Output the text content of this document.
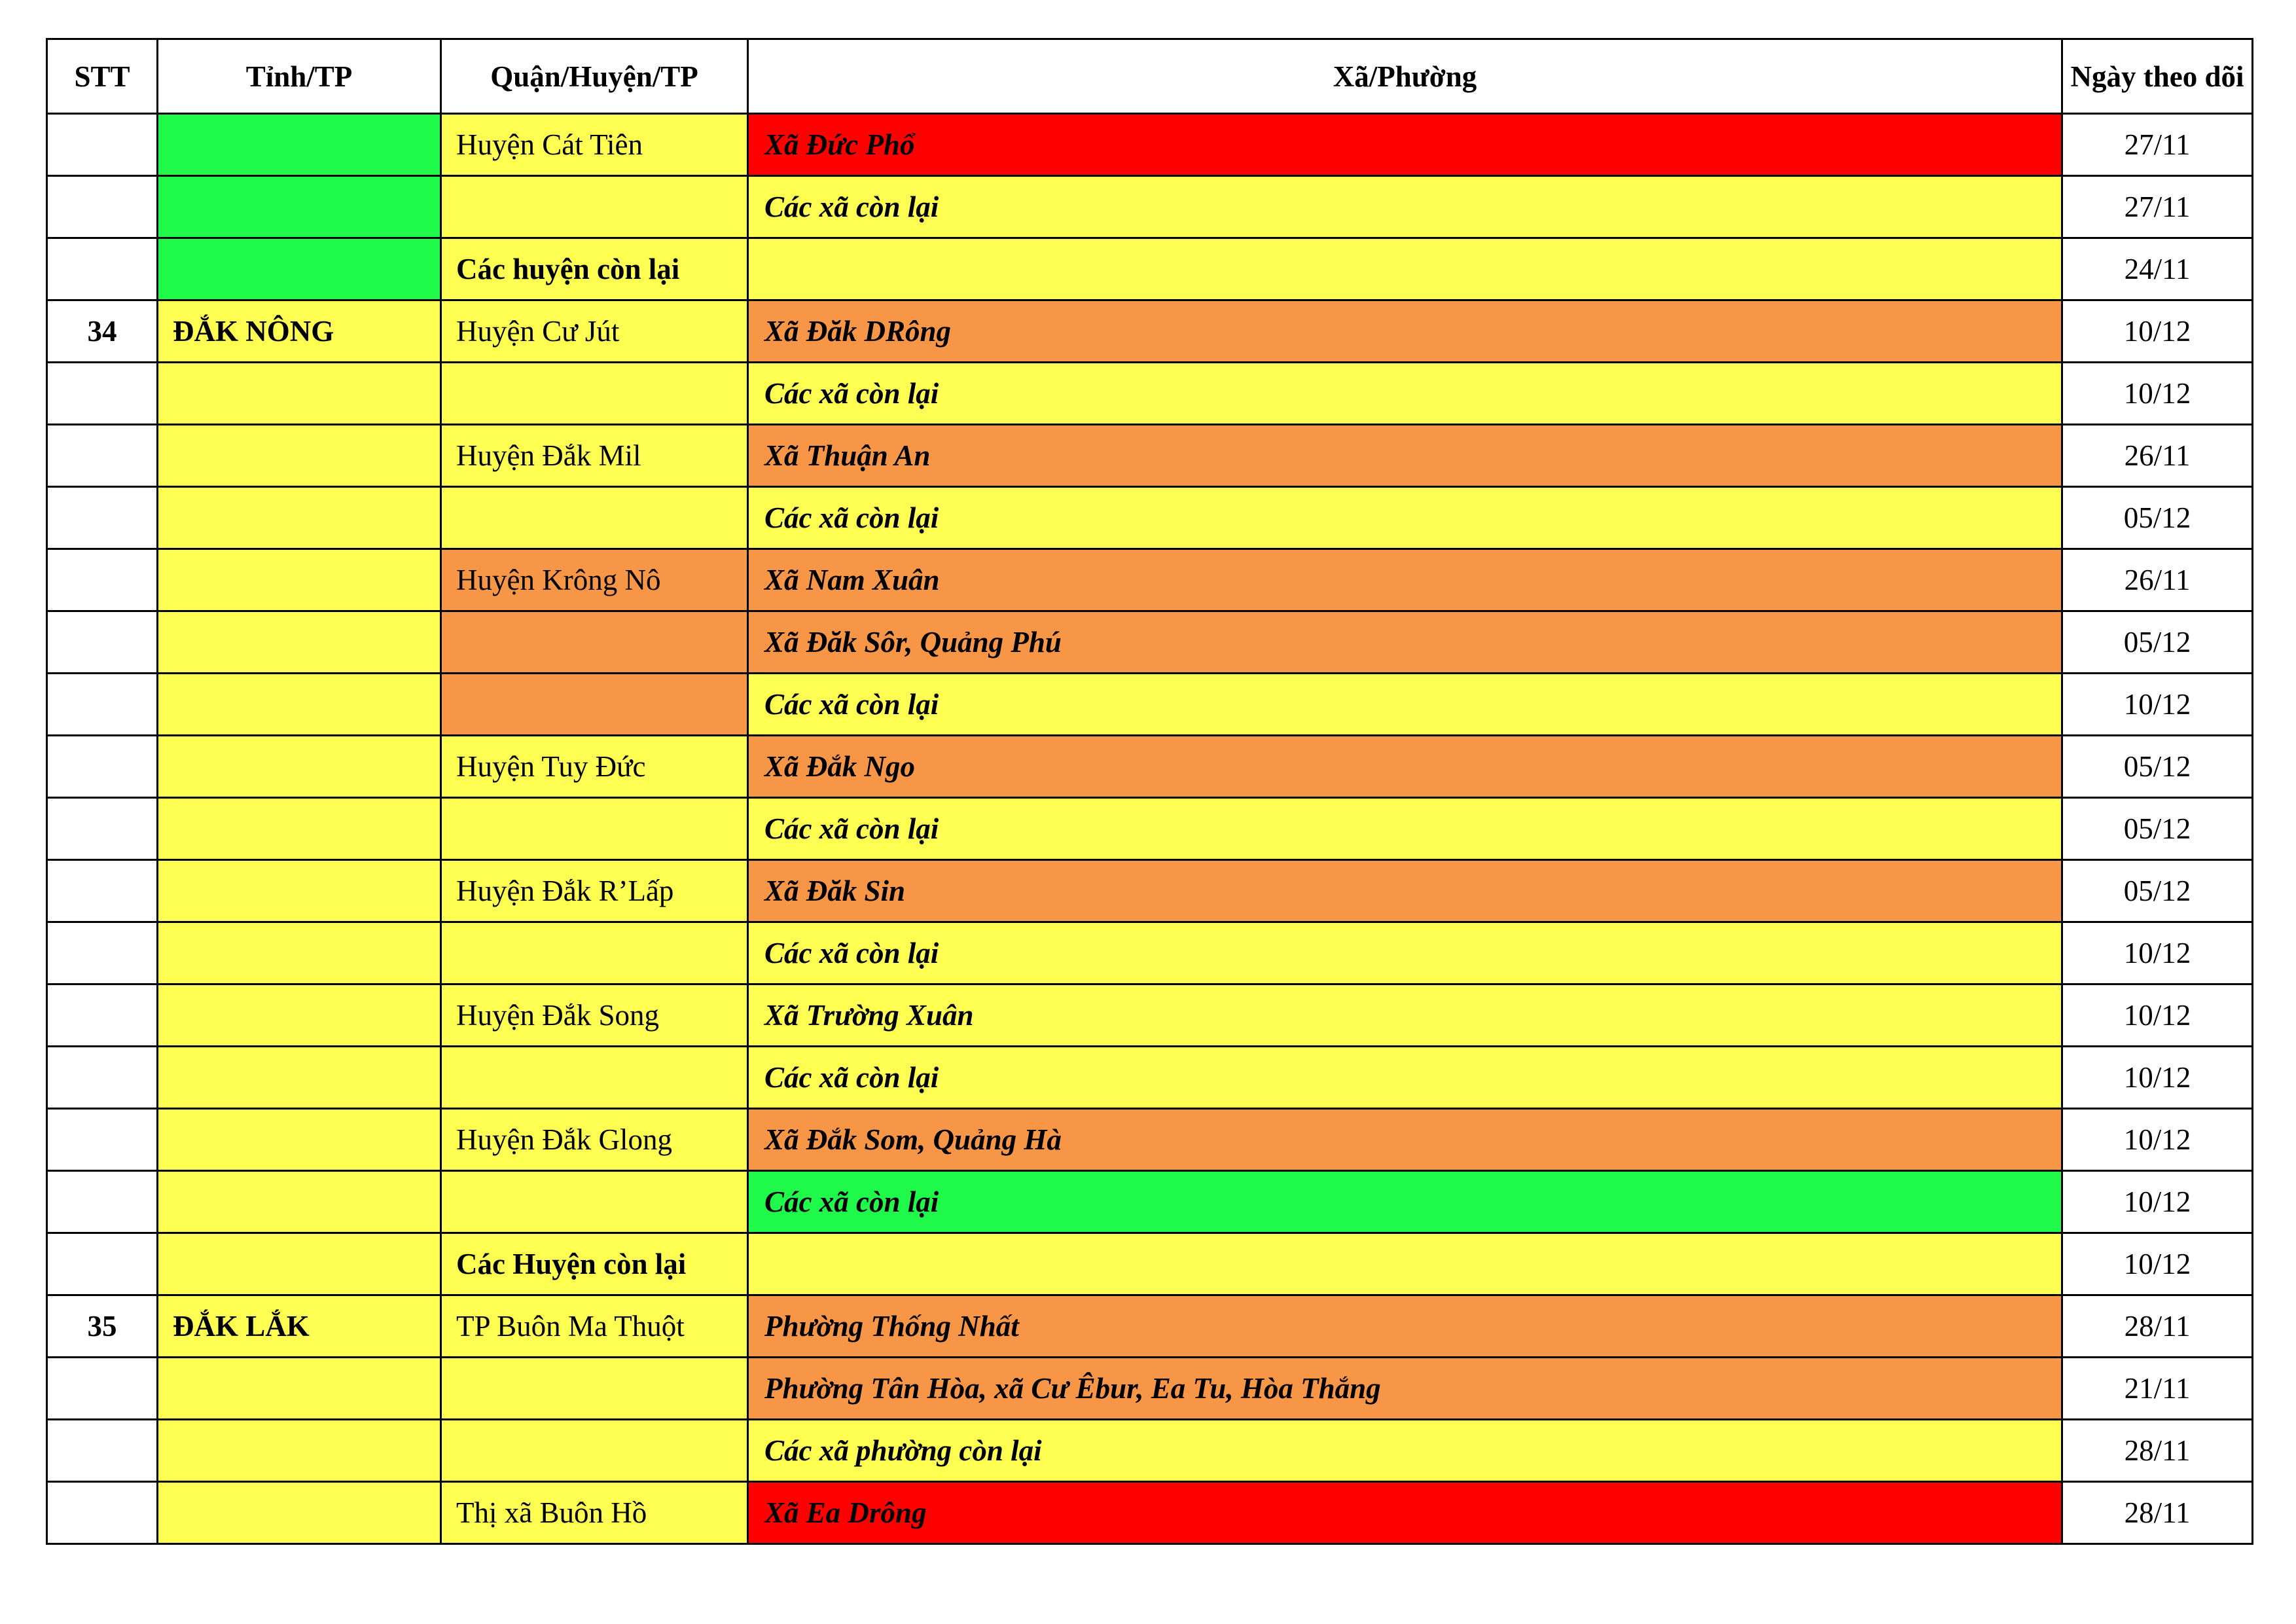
STT	Tỉnh/TP	Quận/Huyện/TP	Xã/Phường	Ngày theo dõi
		Huyện Cát Tiên	Xã Đức Phổ	27/11
			Các xã còn lại	27/11
		Các huyện còn lại		24/11
34	ĐẮK NÔNG	Huyện Cư Jút	Xã Đăk DRông	10/12
			Các xã còn lại	10/12
		Huyện Đắk Mil	Xã Thuận An	26/11
			Các xã còn lại	05/12
		Huyện Krông Nô	Xã Nam Xuân	26/11
			Xã Đăk Sôr, Quảng Phú	05/12
			Các xã còn lại	10/12
		Huyện Tuy Đức	Xã Đắk Ngo	05/12
			Các xã còn lại	05/12
		Huyện Đắk R’Lấp	Xã Đăk Sin	05/12
			Các xã còn lại	10/12
		Huyện Đắk Song	Xã Trường Xuân	10/12
			Các xã còn lại	10/12
		Huyện Đắk Glong	Xã Đắk Som, Quảng Hà	10/12
			Các xã còn lại	10/12
		Các Huyện còn lại		10/12
35	ĐẮK LẮK	TP Buôn Ma Thuột	Phường Thống Nhất	28/11
			Phường Tân Hòa, xã Cư Êbur, Ea Tu, Hòa Thắng	21/11
			Các xã phường còn lại	28/11
		Thị xã Buôn Hồ	Xã Ea Drông	28/11
